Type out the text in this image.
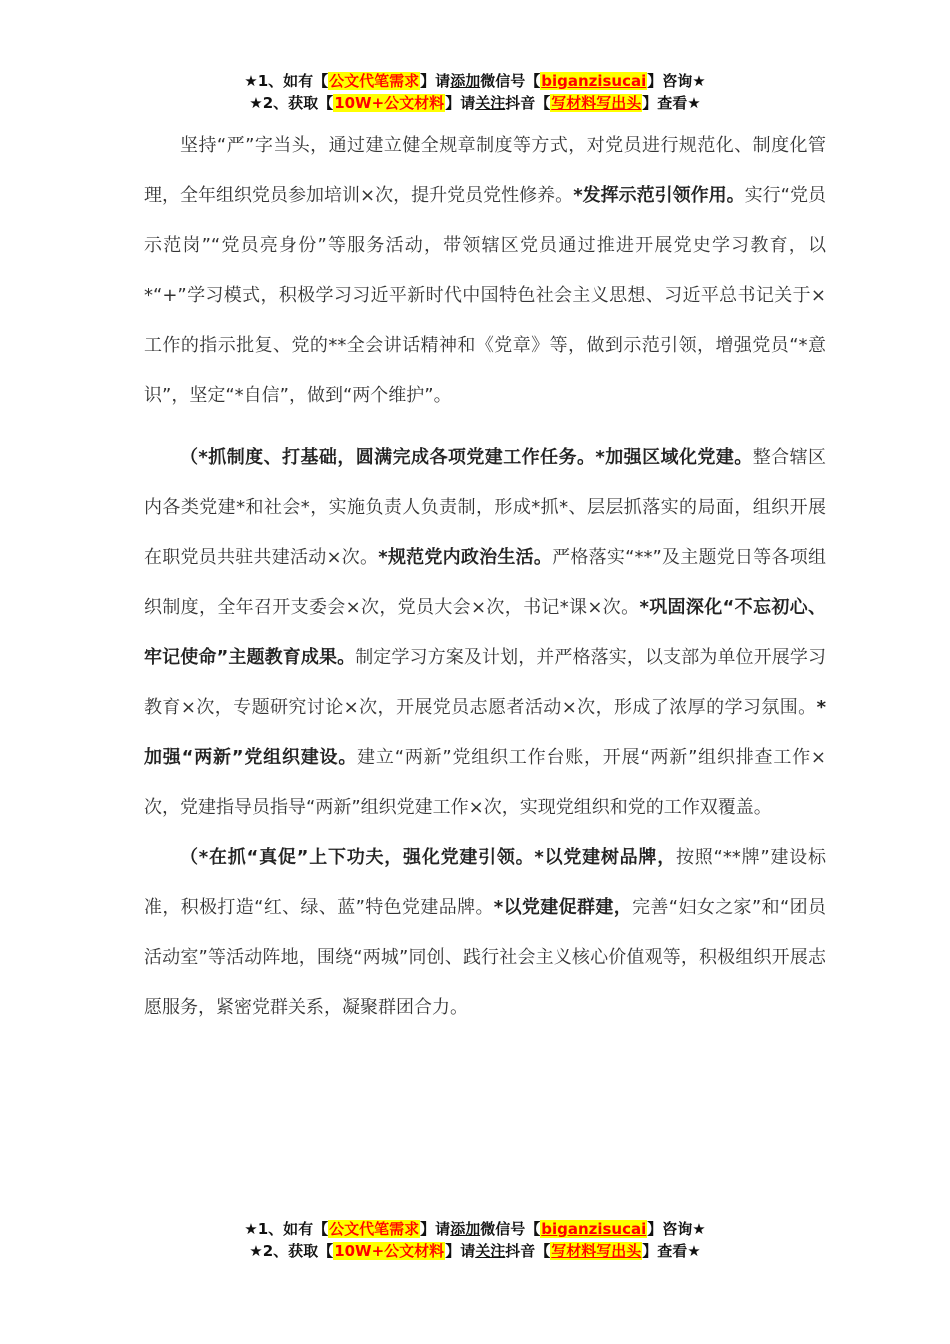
★1、如有【公文代笔需求】请添加微信号【biganzisucai】咨询★
★2、获取【10W+公文材料】请关注抖音【写材料写出头】查看★

坚持“严”字当头，通过建立健全规章制度等方式，对党员进行规范化、制度化管理，全年组织党员参加培训×次，提升党员党性修养。*发挥示范引领作用。实行“党员示范岗”“党员亮身份”等服务活动，带领辖区党员通过推进开展党史学习教育，以*“+”学习模式，积极学习习近平新时代中国特色社会主义思想、习近平总书记关于×工作的指示批复、党的**全会讲话精神和《党章》等，做到示范引领，增强党员“*意识”，坚定“*自信”，做到“两个维护”。

（*抓制度、打基础，圆满完成各项党建工作任务。*加强区域化党建。整合辖区内各类党建*和社会*，实施负责人负责制，形成*抓*、层层抓落实的局面，组织开展在职党员共驻共建活动×次。*规范党内政治生活。严格落实“**”及主题党日等各项组织制度，全年召开支委会×次，党员大会×次，书记*课×次。*巩固深化“不忘初心、牢记使命”主题教育成果。制定学习方案及计划，并严格落实，以支部为单位开展学习教育×次，专题研究讨论×次，开展党员志愿者活动×次，形成了浓厚的学习氛围。*加强“两新”党组织建设。建立“两新”党组织工作台账，开展“两新”组织排查工作×次，党建指导员指导“两新”组织党建工作×次，实现党组织和党的工作双覆盖。

（*在抓“真促”上下功夫，强化党建引领。*以党建树品牌，按照“**牌”建设标准，积极打造“红、绿、蓝”特色党建品牌。*以党建促群建，完善“妇女之家”和“团员活动室”等活动阵地，围绕“两城”同创、践行社会主义核心价值观等，积极组织开展志愿服务，紧密党群关系，凝聚群团合力。

★1、如有【公文代笔需求】请添加微信号【biganzisucai】咨询★
★2、获取【10W+公文材料】请关注抖音【写材料写出头】查看★
